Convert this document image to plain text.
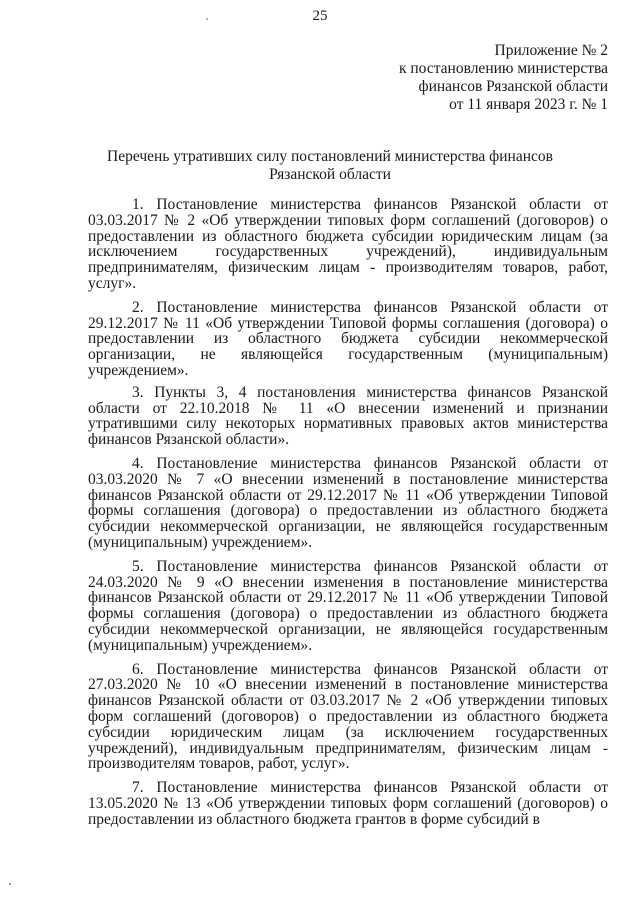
25
Приложение № 2
к постановлению министерства
финансов Рязанской области
от 11 января 2023 г. № 1
Перечень утративших силу постановлений министерства финансов
Рязанской области

1. Постановление министерства финансов Рязанской области от 03.03.2017 № 2 «Об утверждении типовых форм соглашений (договоров) о предоставлении из областного бюджета субсидии юридическим лицам (за исключением государственных учреждений), индивидуальным предпринимателям, физическим лицам - производителям товаров, работ, услуг».

2. Постановление министерства финансов Рязанской области от 29.12.2017 № 11 «Об утверждении Типовой формы соглашения (договора) о предоставлении из областного бюджета субсидии некоммерческой организации, не являющейся государственным (муниципальным) учреждением».

3. Пункты 3, 4 постановления министерства финансов Рязанской области от 22.10.2018 № 11 «О внесении изменений и признании утратившими силу некоторых нормативных правовых актов министерства финансов Рязанской области».

4. Постановление министерства финансов Рязанской области от 03.03.2020 № 7 «О внесении изменений в постановление министерства финансов Рязанской области от 29.12.2017 № 11 «Об утверждении Типовой формы соглашения (договора) о предоставлении из областного бюджета субсидии некоммерческой организации, не являющейся государственным (муниципальным) учреждением».

5. Постановление министерства финансов Рязанской области от 24.03.2020 № 9 «О внесении изменения в постановление министерства финансов Рязанской области от 29.12.2017 № 11 «Об утверждении Типовой формы соглашения (договора) о предоставлении из областного бюджета субсидии некоммерческой организации, не являющейся государственным (муниципальным) учреждением».

6. Постановление министерства финансов Рязанской области от 27.03.2020 № 10 «О внесении изменений в постановление министерства финансов Рязанской области от 03.03.2017 № 2 «Об утверждении типовых форм соглашений (договоров) о предоставлении из областного бюджета субсидии юридическим лицам (за исключением государственных учреждений), индивидуальным предпринимателям, физическим лицам - производителям товаров, работ, услуг».

7. Постановление министерства финансов Рязанской области от 13.05.2020 № 13 «Об утверждении типовых форм соглашений (договоров) о предоставлении из областного бюджета грантов в форме субсидий в
